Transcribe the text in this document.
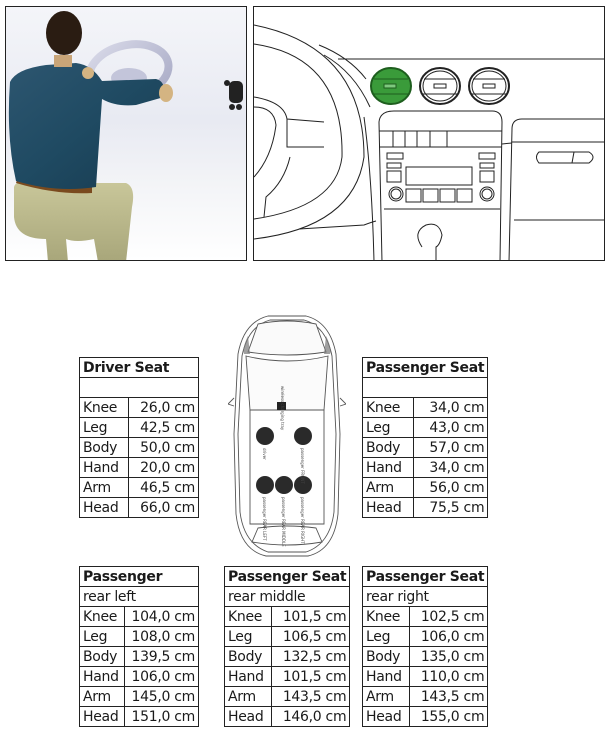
wireless charging tray
driver	passenger FRONT
passenger REAR LEFT	passenger REAR MIDDLE	passenger REAR RIGHT
Driver Seat	

Knee	26,0 cm
Leg	42,5 cm
Body	50,0 cm
Hand	20,0 cm
Arm	46,5 cm
Head	66,0 cm
Passenger Seat	

Knee	34,0 cm
Leg	43,0 cm
Body	57,0 cm
Hand	34,0 cm
Arm	56,0 cm
Head	75,5 cm
Passenger	
rear left	
Knee	104,0 cm
Leg	108,0 cm
Body	139,5 cm
Hand	106,0 cm
Arm	145,0 cm
Head	151,0 cm
Passenger Seat	
rear middle	
Knee	101,5 cm
Leg	106,5 cm
Body	132,5 cm
Hand	101,5 cm
Arm	143,5 cm
Head	146,0 cm
Passenger Seat	
rear right	
Knee	102,5 cm
Leg	106,0 cm
Body	135,0 cm
Hand	110,0 cm
Arm	143,5 cm
Head	155,0 cm
